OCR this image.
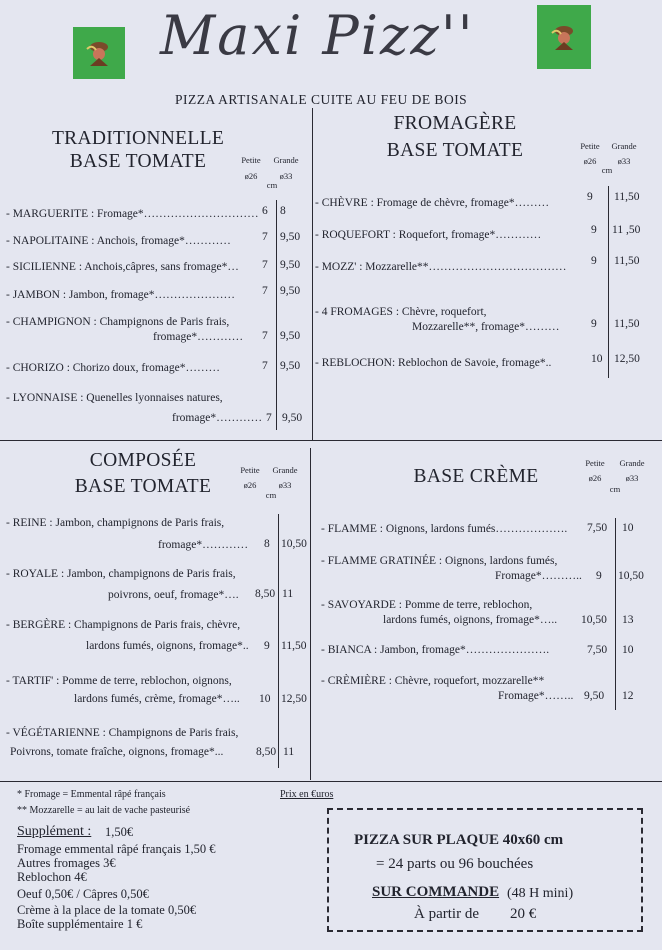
Maxi Pizz''
PIZZA ARTISANALE CUITE AU FEU DE BOIS
TRADITIONNELLE
BASE TOMATE	Petite
ø26
Grande
ø33
cm
- MARGUERITE : Fromage*………………………… 6 8
- NAPOLITAINE : Anchois, fromage*…………	7 9,50
- SICILIENNE : Anchois,câpres, sans fromage*… 7 9,50
- JAMBON : Jambon, fromage*………………… 7 9,50
- CHAMPIGNON : Champignons de Paris frais,
fromage*………… 7 9,50
- CHORIZO : Chorizo doux, fromage*………	7 9,50
- LYONNAISE : Quenelles lyonnaises natures,
fromage*………… 7 9,50
FROMAGÈRE
BASE TOMATE	Petite
ø26
Grande
ø33
cm
- CHÈVRE : Fromage de chèvre, fromage*………	9 11,50
- ROQUEFORT : Roquefort, fromage*…………	9 11 ,50
- MOZZ' : Mozzarelle**……………………………… 9 11,50
- 4 FROMAGES : Chèvre, roquefort,
Mozzarelle**, fromage*………	9 11,50
- REBLOCHON: Reblochon de Savoie, fromage*..	10 12,50
COMPOSÉE
BASE TOMATE
Petite
ø26
Grande
ø33
cm
- REINE : Jambon, champignons de Paris frais,
fromage*………… 8 10,50
- ROYALE : Jambon, champignons de Paris frais,
poivrons, oeuf, fromage*…. 8,50 11
- BERGÈRE : Champignons de Paris frais, chèvre,
lardons fumés, oignons, fromage*.. 9 11,50
- TARTIF' : Pomme de terre, reblochon, oignons,
lardons fumés, crème, fromage*….. 10 12,50
- VÉGÉTARIENNE : Champignons de Paris frais,
Poivrons, tomate fraîche, oignons, fromage*...	8,50 11
BASE CRÈME
Petite
ø26
Grande
ø33
cm
- FLAMME : Oignons, lardons fumés………………. 7,50 10
- FLAMME GRATINÉE : Oignons, lardons fumés,
Fromage*……….. 9 10,50
- SAVOYARDE : Pomme de terre, reblochon,
lardons fumés, oignons, fromage*….. 10,50 13
- BIANCA : Jambon, fromage*………………….	7,50 10
- CRÈMIÈRE : Chèvre, roquefort, mozzarelle**
Fromage*…….. 9,50 12
* Fromage = Emmental râpé français
** Mozzarelle = au lait de vache pasteurisé
Prix en €uros
Supplément : 1,50€
Fromage emmental râpé français 1,50 €
Autres fromages 3€
Reblochon 4€
Oeuf 0,50€ / Câpres 0,50€
Crème à la place de la tomate 0,50€
Boîte supplémentaire 1 €
PIZZA SUR PLAQUE 40x60 cm
= 24 parts ou 96 bouchées
SUR COMMANDE (48 H mini)
À partir de 20 €
